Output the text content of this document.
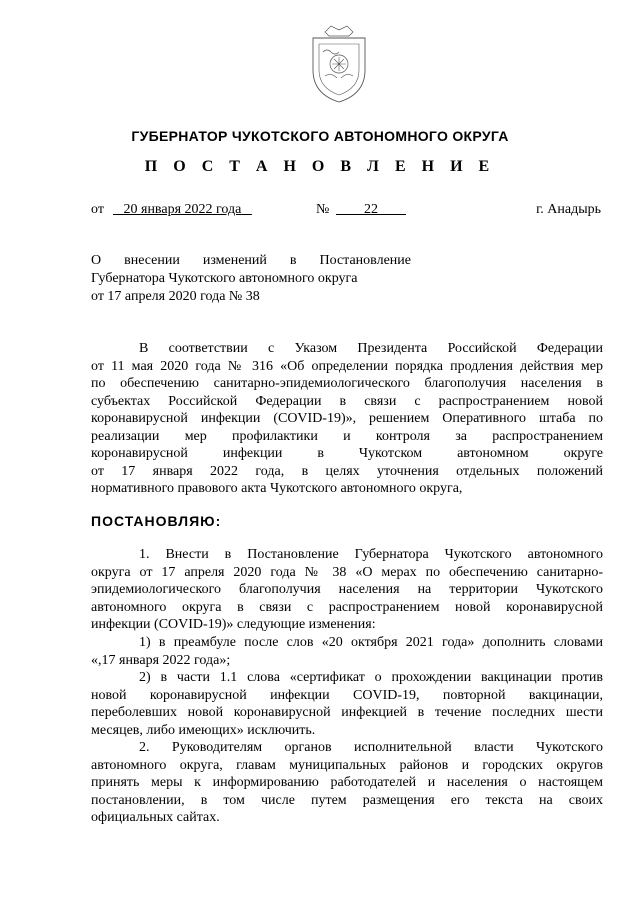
ГУБЕРНАТОР ЧУКОТСКОГО АВТОНОМНОГО ОКРУГА
П О С Т А Н О В Л Е Н И Е
от	20 января 2022 года	№	22	г. Анадырь
О внесении изменений в Постановление
Губернатора Чукотского автономного округа
от 17 апреля 2020 года № 38
В соответствии с Указом Президента Российской Федерации
от 11 мая 2020 года № 316 «Об определении порядка продления действия мер
по обеспечению санитарно-эпидемиологического благополучия населения в
субъектах Российской Федерации в связи с распространением новой
коронавирусной инфекции (COVID-19)», решением Оперативного штаба по
реализации мер профилактики и контроля за распространением
коронавирусной инфекции в Чукотском автономном округе
от 17 января 2022 года, в целях уточнения отдельных положений
нормативного правового акта Чукотского автономного округа,
ПОСТАНОВЛЯЮ:
1. Внести в Постановление Губернатора Чукотского автономного
округа от 17 апреля 2020 года № 38 «О мерах по обеспечению санитарно-
эпидемиологического благополучия населения на территории Чукотского
автономного округа в связи с распространением новой коронавирусной
инфекции (COVID-19)» следующие изменения:
1) в преамбуле после слов «20 октября 2021 года» дополнить словами
«,17 января 2022 года»;
2) в части 1.1 слова «сертификат о прохождении вакцинации против
новой коронавирусной инфекции COVID-19, повторной вакцинации,
переболевших новой коронавирусной инфекцией в течение последних шести
месяцев, либо имеющих» исключить.
2. Руководителям органов исполнительной власти Чукотского
автономного округа, главам муниципальных районов и городских округов
принять меры к информированию работодателей и населения о настоящем
постановлении, в том числе путем размещения его текста на своих
официальных сайтах.
